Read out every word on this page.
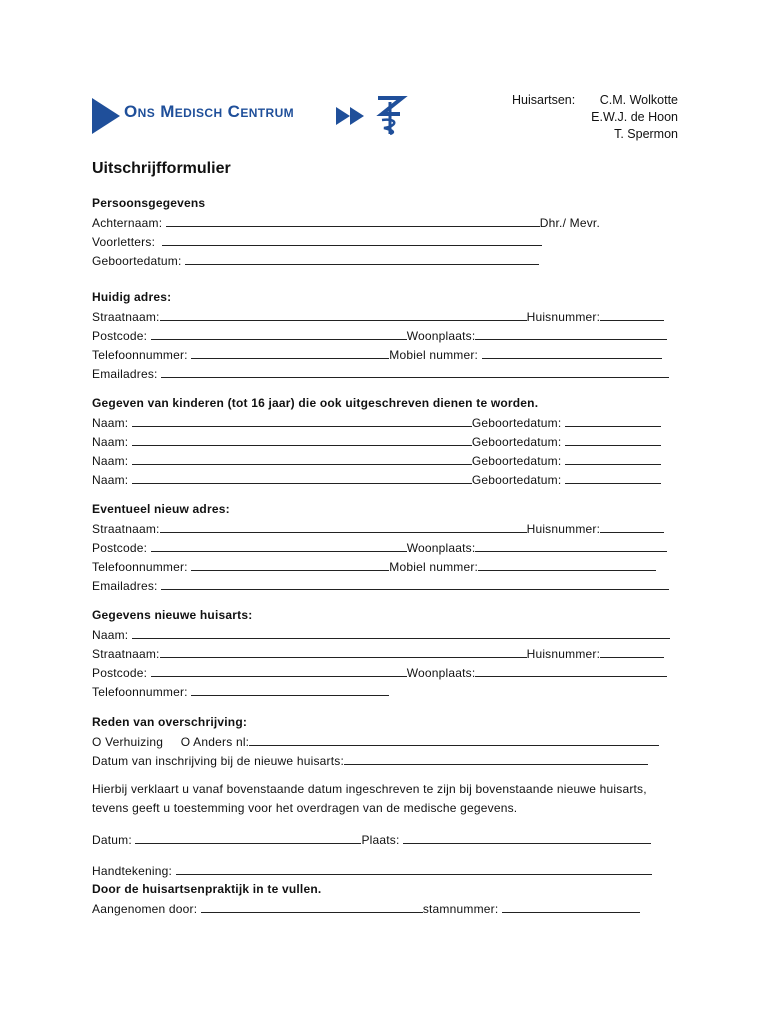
Ons Medisch Centrum
Huisartsen:	C.M. Wolkotte
E.W.J. de Hoon
T. Spermon
Uitschrijfformulier
Persoonsgegevens
Achternaam:	Dhr./ Mevr.
Voorletters:
Geboortedatum:
Huidig adres:
Straatnaam:	Huisnummer:
Postcode:	Woonplaats:
Telefoonnummer:	Mobiel nummer:
Emailadres:
Gegeven van kinderen (tot 16 jaar) die ook uitgeschreven dienen te worden.
Naam:	Geboortedatum:
Naam:	Geboortedatum:
Naam:	Geboortedatum:
Naam:	Geboortedatum:
Eventueel nieuw adres:
Straatnaam:	Huisnummer:
Postcode:	Woonplaats:
Telefoonnummer:	Mobiel nummer:
Emailadres:
Gegevens nieuwe huisarts:
Naam:
Straatnaam:	Huisnummer:
Postcode:	Woonplaats:
Telefoonnummer:
Reden van overschrijving:
O Verhuizing O Anders nl:
Datum van inschrijving bij de nieuwe huisarts:
Hierbij verklaart u vanaf bovenstaande datum ingeschreven te zijn bij bovenstaande nieuwe huisarts,
tevens geeft u toestemming voor het overdragen van de medische gegevens.
Datum:	Plaats:
Handtekening:
Door de huisartsenpraktijk in te vullen.
Aangenomen door:	stamnummer:
